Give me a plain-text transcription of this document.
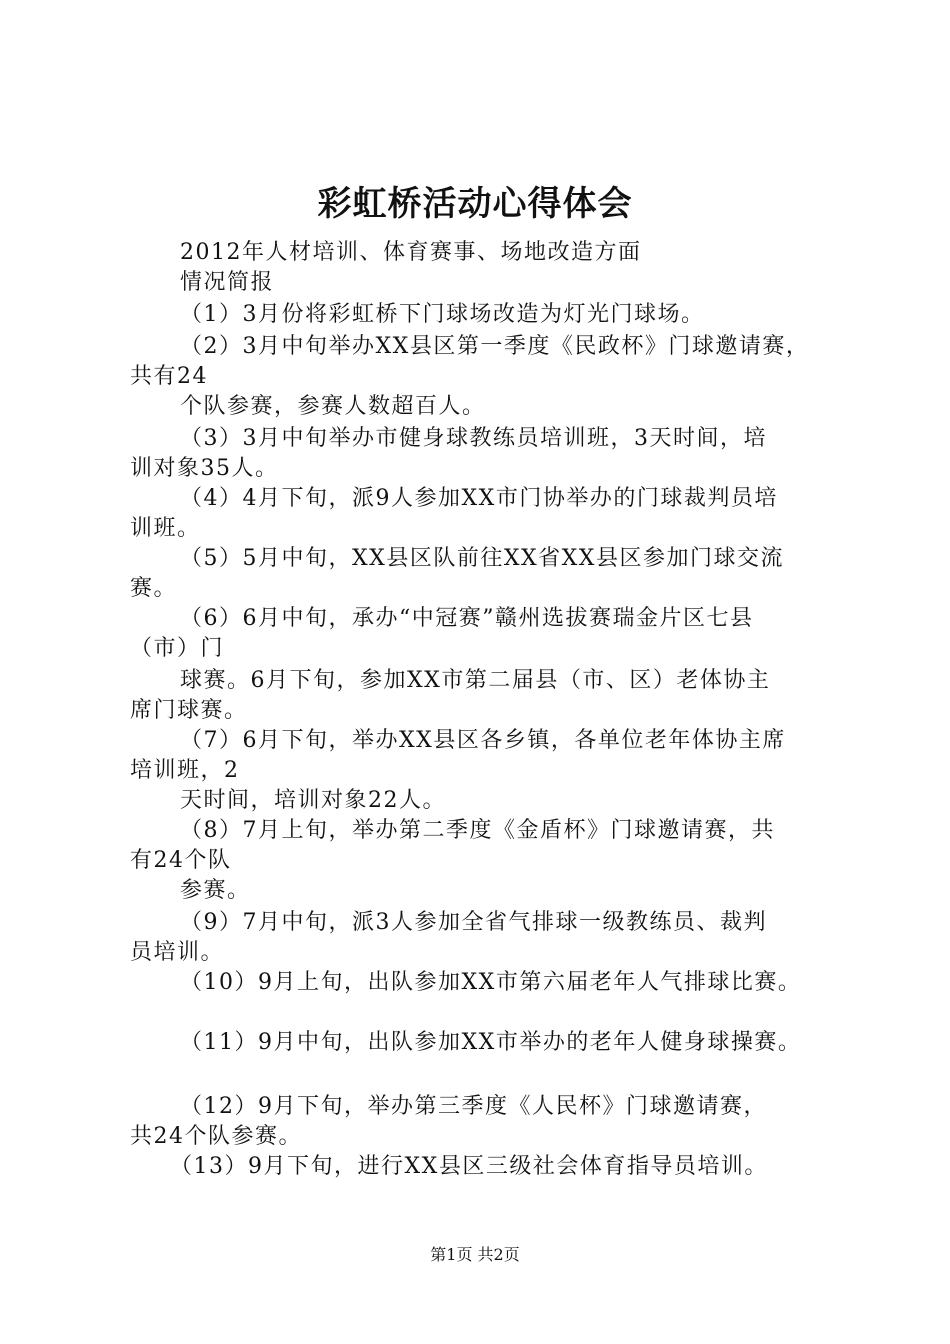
彩虹桥活动心得体会
2012年人材培训、体育赛事、场地改造方面
情况简报
（1）3月份将彩虹桥下门球场改造为灯光门球场。
（2）3月中旬举办XX县区第一季度《民政杯》门球邀请赛，
共有24
个队参赛，参赛人数超百人。
（3）3月中旬举办市健身球教练员培训班，3天时间，培
训对象35人。
（4）4月下旬，派9人参加XX市门协举办的门球裁判员培
训班。
（5）5月中旬，XX县区队前往XX省XX县区参加门球交流
赛。
（6）6月中旬，承办“中冠赛”赣州选拔赛瑞金片区七县
（市）门
球赛。6月下旬，参加XX市第二届县（市、区）老体协主
席门球赛。
（7）6月下旬，举办XX县区各乡镇，各单位老年体协主席
培训班，2
天时间，培训对象22人。
（8）7月上旬，举办第二季度《金盾杯》门球邀请赛，共
有24个队
参赛。
（9）7月中旬，派3人参加全省气排球一级教练员、裁判
员培训。
（10）9月上旬，出队参加XX市第六届老年人气排球比赛。
（11）9月中旬，出队参加XX市举办的老年人健身球操赛。
（12）9月下旬，举办第三季度《人民杯》门球邀请赛，
共24个队参赛。
（13）9月下旬，进行XX县区三级社会体育指导员培训。
第1页 共2页
